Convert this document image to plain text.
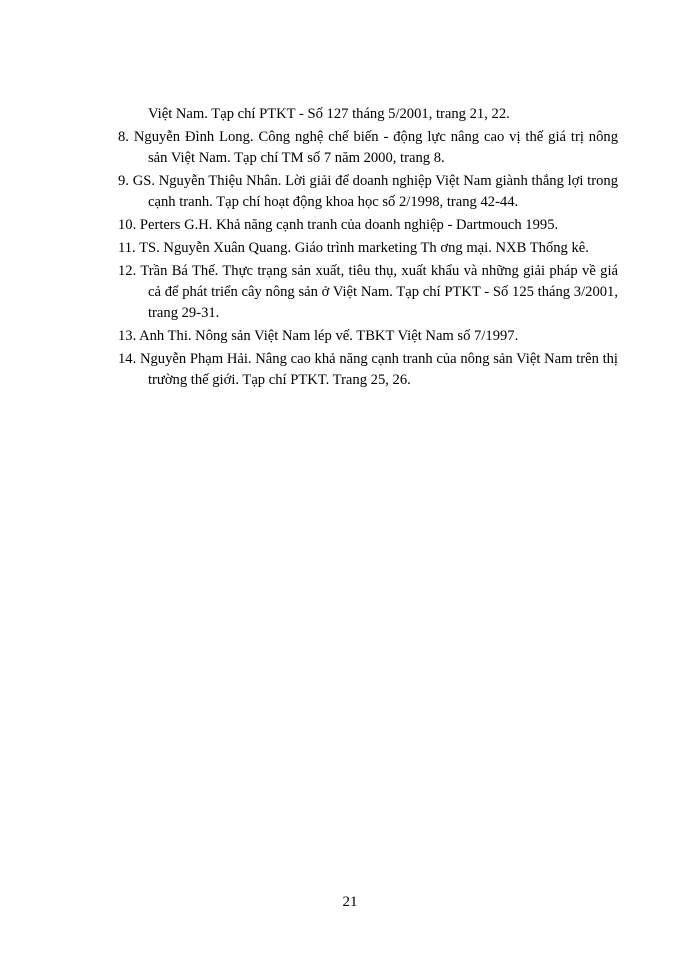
Việt Nam. Tạp chí PTKT - Số 127 tháng 5/2001, trang 21, 22.

8. Nguyễn Đình Long. Công nghệ chế biến - động lực nâng cao vị thế giá trị nông sản Việt Nam. Tạp chí TM số 7 năm 2000, trang 8.

9. GS. Nguyễn Thiệu Nhân. Lời giải để doanh nghiệp Việt Nam giành thắng lợi trong cạnh tranh. Tạp chí hoạt động khoa học số 2/1998, trang 42-44.

10. Perters G.H. Khả năng cạnh tranh của doanh nghiệp - Dartmouch 1995.

11. TS. Nguyễn Xuân Quang. Giáo trình marketing Th ơng mại. NXB Thống kê.

12. Trần Bá Thế. Thực trạng sản xuất, tiêu thụ, xuất khẩu và những giải pháp về giá cả để phát triển cây nông sản ở Việt Nam. Tạp chí PTKT - Số 125 tháng 3/2001, trang 29-31.

13. Anh Thi. Nông sản Việt Nam lép vế. TBKT Việt Nam số 7/1997.

14. Nguyễn Phạm Hải. Nâng cao khả năng cạnh tranh của nông sản Việt Nam trên thị trường thế giới. Tạp chí PTKT. Trang 25, 26.

21
